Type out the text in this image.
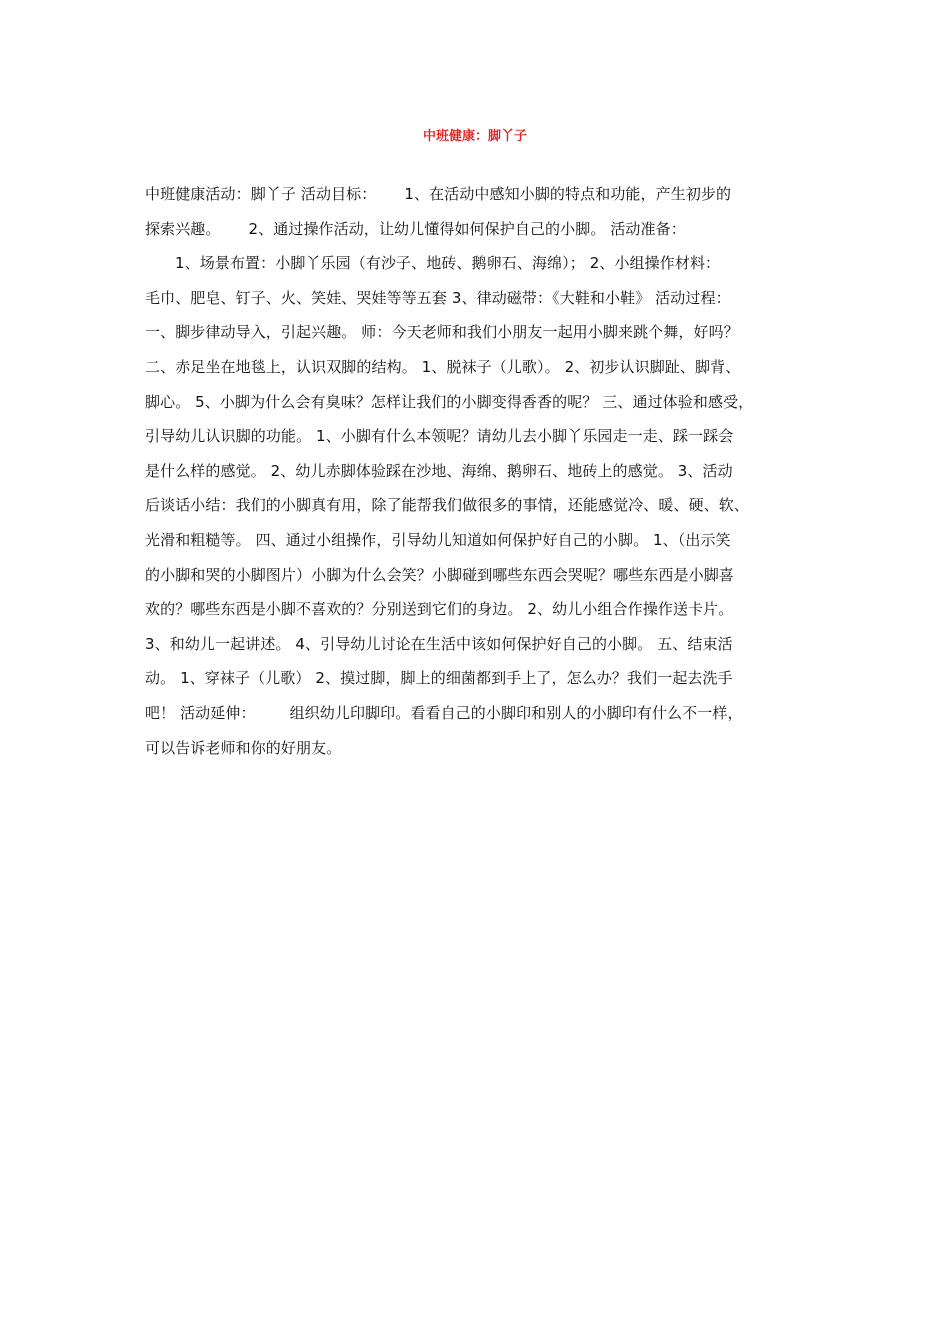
中班健康：脚丫子
中班健康活动：脚丫子 活动目标： 1、在活动中感知小脚的特点和功能，产生初步的
探索兴趣。 2、通过操作活动，让幼儿懂得如何保护自己的小脚。 活动准备：
1、场景布置：小脚丫乐园（有沙子、地砖、鹅卵石、海绵）； 2、小组操作材料：
毛巾、肥皂、钉子、火、笑娃、哭娃等等五套 3、律动磁带：《大鞋和小鞋》 活动过程：
一、脚步律动导入，引起兴趣。 师：今天老师和我们小朋友一起用小脚来跳个舞，好吗？
二、赤足坐在地毯上，认识双脚的结构。 1、脱袜子（儿歌）。 2、初步认识脚趾、脚背、
脚心。 5、小脚为什么会有臭味？怎样让我们的小脚变得香香的呢？ 三、通过体验和感受，
引导幼儿认识脚的功能。 1、小脚有什么本领呢？请幼儿去小脚丫乐园走一走、踩一踩会
是什么样的感觉。 2、幼儿赤脚体验踩在沙地、海绵、鹅卵石、地砖上的感觉。 3、活动
后谈话小结：我们的小脚真有用，除了能帮我们做很多的事情，还能感觉冷、暖、硬、软、
光滑和粗糙等。 四、通过小组操作，引导幼儿知道如何保护好自己的小脚。 1、（出示笑
的小脚和哭的小脚图片）小脚为什么会笑？小脚碰到哪些东西会哭呢？哪些东西是小脚喜
欢的？哪些东西是小脚不喜欢的？分别送到它们的身边。 2、幼儿小组合作操作送卡片。
3、和幼儿一起讲述。 4、引导幼儿讨论在生活中该如何保护好自己的小脚。 五、结束活
动。 1、穿袜子（儿歌） 2、摸过脚，脚上的细菌都到手上了，怎么办？我们一起去洗手
吧！ 活动延伸： 组织幼儿印脚印。看看自己的小脚印和别人的小脚印有什么不一样，
可以告诉老师和你的好朋友。
